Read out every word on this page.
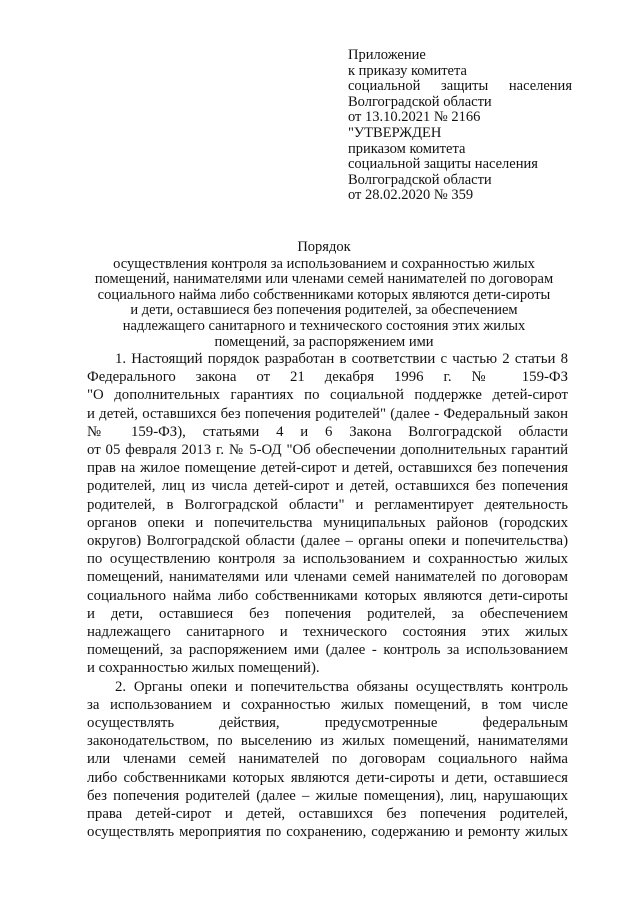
Приложение
к приказу комитета
социальной защиты населения
Волгоградской области
от 13.10.2021 № 2166
"УТВЕРЖДЕН
приказом комитета
социальной защиты населения
Волгоградской области
от 28.02.2020 № 359
Порядок
осуществления контроля за использованием и сохранностью жилых
помещений, нанимателями или членами семей нанимателей по договорам
социального найма либо собственниками которых являются дети-сироты
и дети, оставшиеся без попечения родителей, за обеспечением
надлежащего санитарного и технического состояния этих жилых
помещений, за распоряжением ими
1. Настоящий порядок разработан в соответствии с частью 2 статьи 8
Федерального закона от 21 декабря 1996 г. № 159-ФЗ
"О дополнительных гарантиях по социальной поддержке детей-сирот
и детей, оставшихся без попечения родителей" (далее - Федеральный закон
№ 159-ФЗ), статьями 4 и 6 Закона Волгоградской области
от 05 февраля 2013 г. № 5-ОД "Об обеспечении дополнительных гарантий
прав на жилое помещение детей-сирот и детей, оставшихся без попечения
родителей, лиц из числа детей-сирот и детей, оставшихся без попечения
родителей, в Волгоградской области" и регламентирует деятельность
органов опеки и попечительства муниципальных районов (городских
округов) Волгоградской области (далее – органы опеки и попечительства)
по осуществлению контроля за использованием и сохранностью жилых
помещений, нанимателями или членами семей нанимателей по договорам
социального найма либо собственниками которых являются дети-сироты
и дети, оставшиеся без попечения родителей, за обеспечением
надлежащего санитарного и технического состояния этих жилых
помещений, за распоряжением ими (далее - контроль за использованием
и сохранностью жилых помещений).
2. Органы опеки и попечительства обязаны осуществлять контроль
за использованием и сохранностью жилых помещений, в том числе
осуществлять действия, предусмотренные федеральным
законодательством, по выселению из жилых помещений, нанимателями
или членами семей нанимателей по договорам социального найма
либо собственниками которых являются дети-сироты и дети, оставшиеся
без попечения родителей (далее – жилые помещения), лиц, нарушающих
права детей-сирот и детей, оставшихся без попечения родителей,
осуществлять мероприятия по сохранению, содержанию и ремонту жилых
